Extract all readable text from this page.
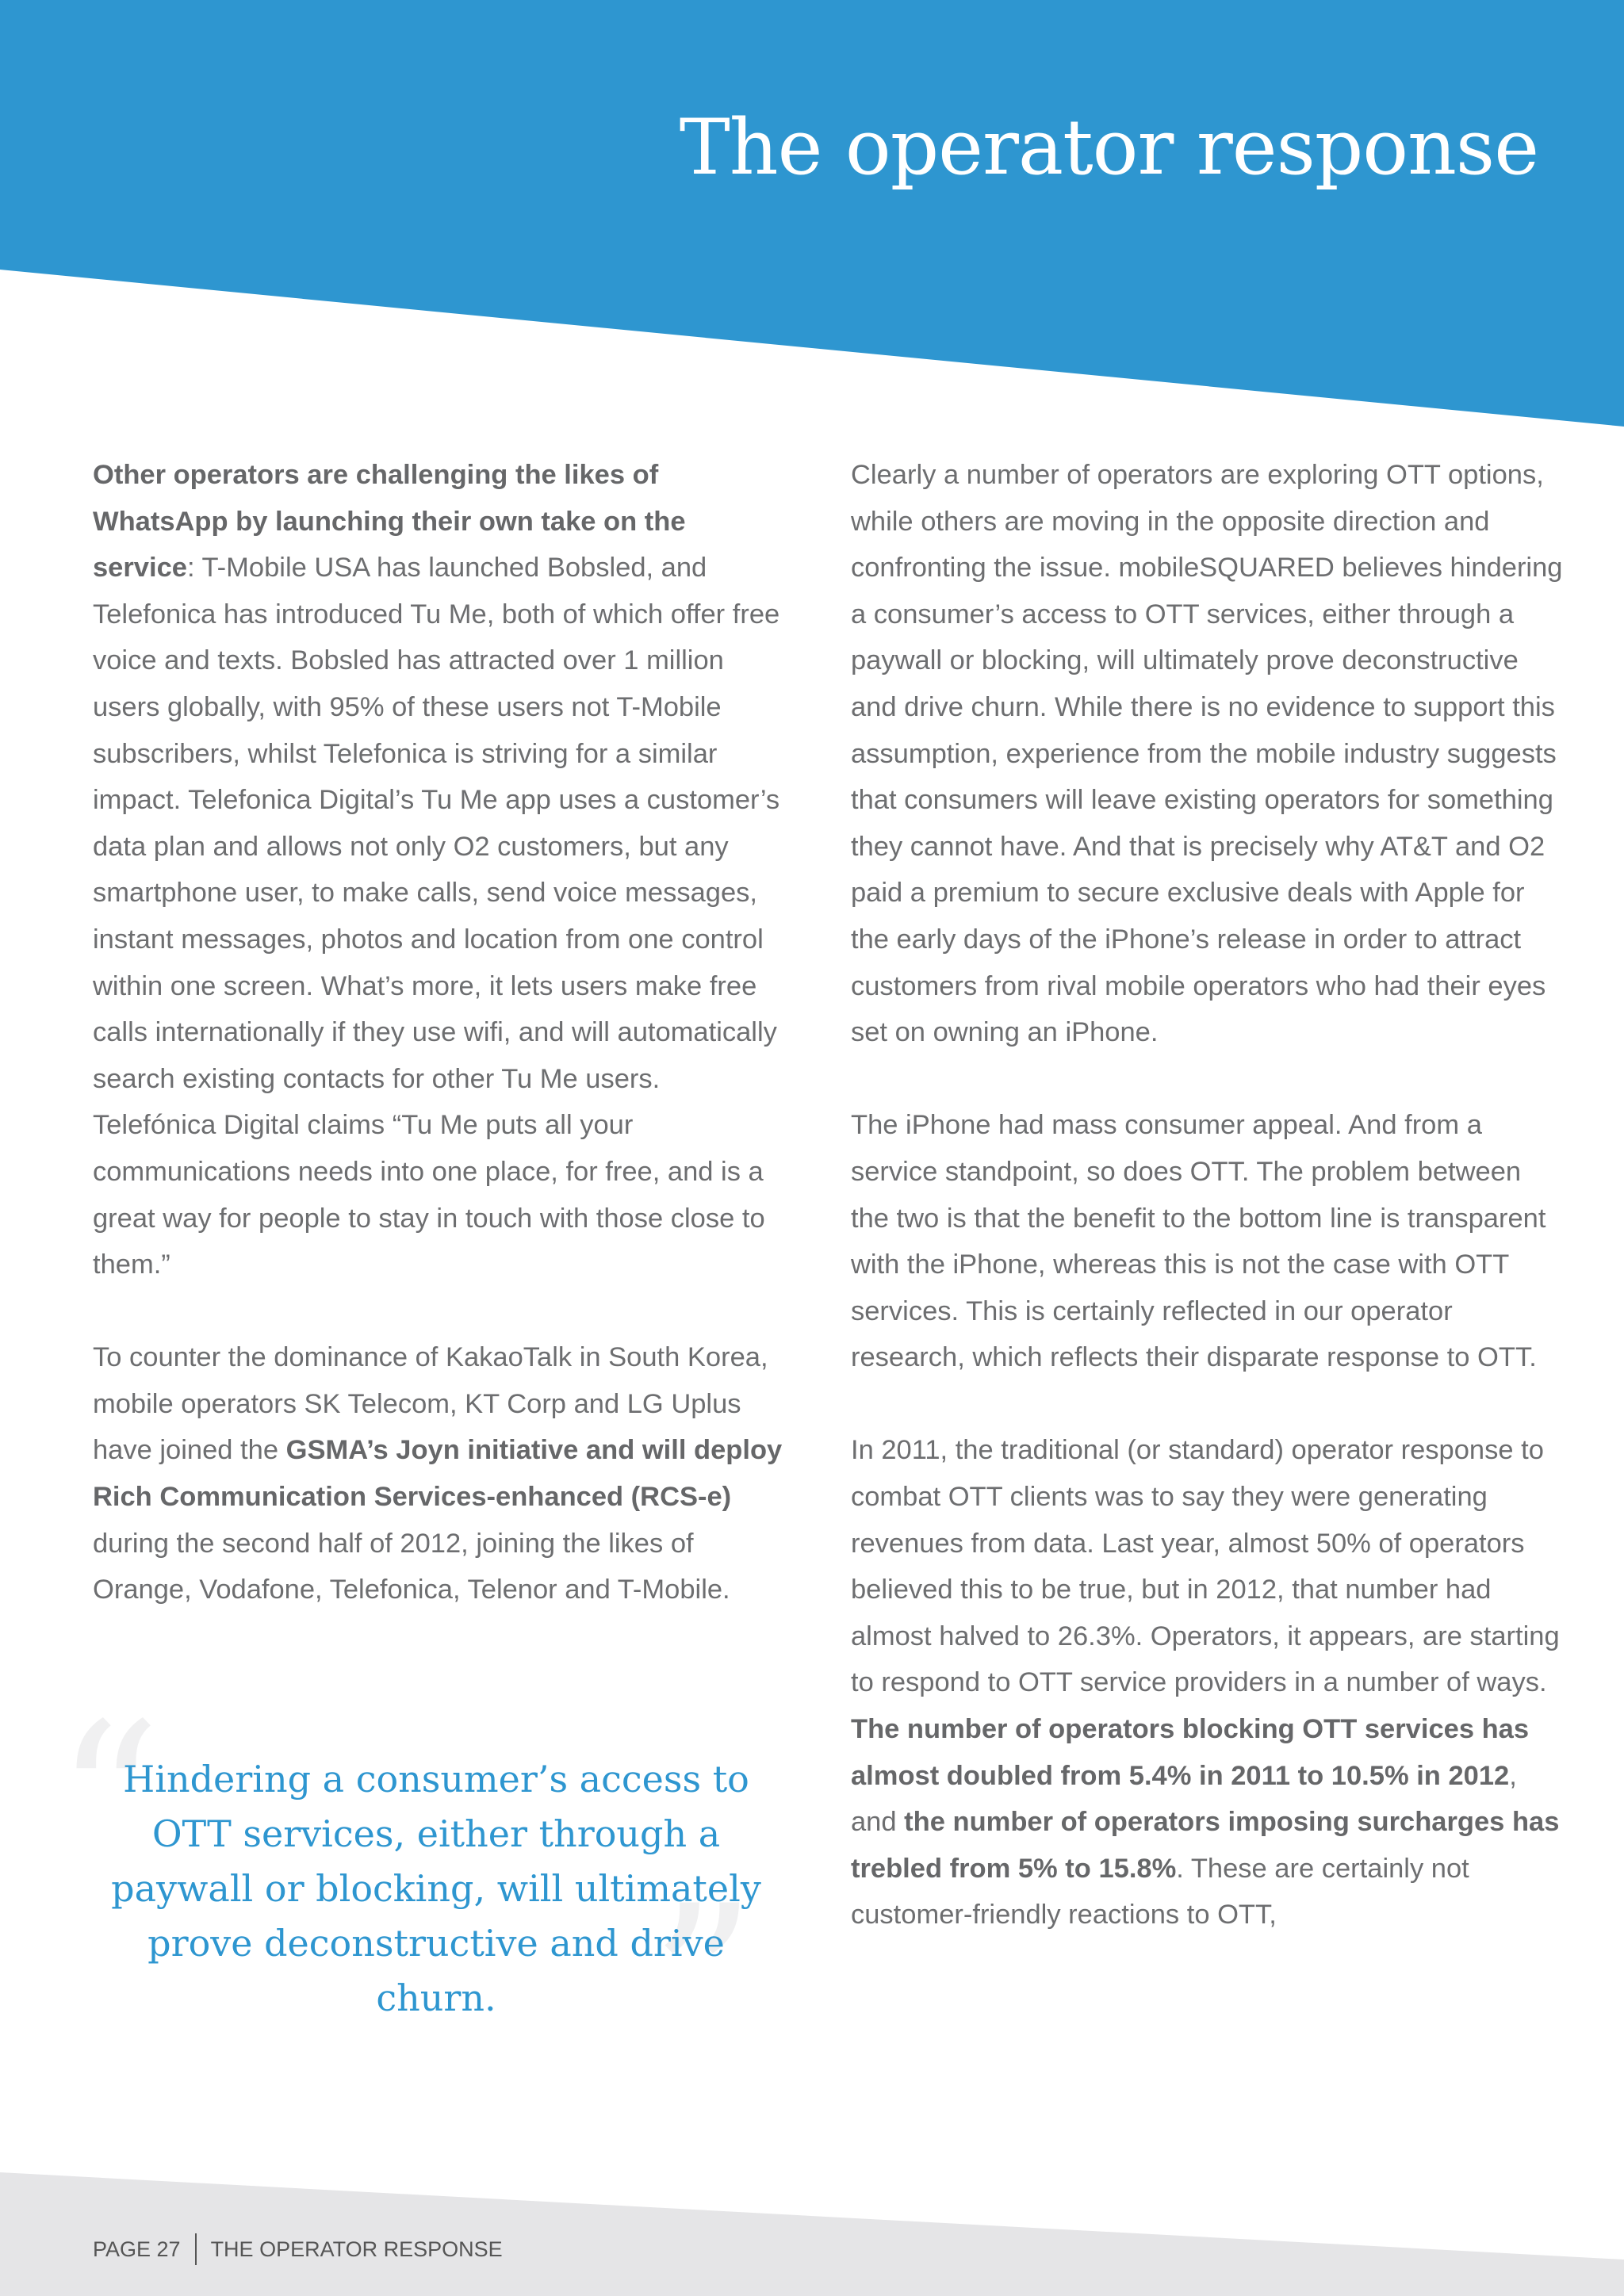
The operator response

Other operators are challenging the likes of WhatsApp by launching their own take on the service: T-Mobile USA has launched Bobsled, and Telefonica has introduced Tu Me, both of which offer free voice and texts. Bobsled has attracted over 1 million users globally, with 95% of these users not T-Mobile subscribers, whilst Telefonica is striving for a similar impact. Telefonica Digital’s Tu Me app uses a customer’s data plan and allows not only O2 customers, but any smartphone user, to make calls, send voice messages, instant messages, photos and location from one control within one screen. What’s more, it lets users make free calls internationally if they use wifi, and will automatically search existing contacts for other Tu Me users. Telefónica Digital claims “Tu Me puts all your communications needs into one place, for free, and is a great way for people to stay in touch with those close to them.”

To counter the dominance of KakaoTalk in South Korea, mobile operators SK Telecom, KT Corp and LG Uplus have joined the GSMA’s Joyn initiative and will deploy Rich Communication Services-enhanced (RCS-e) during the second half of 2012, joining the likes of Orange, Vodafone, Telefonica, Telenor and T-Mobile.

“
”
Hindering a consumer’s access to OTT services, either through a paywall or blocking, will ultimately prove deconstructive and drive churn.

Clearly a number of operators are exploring OTT options, while others are moving in the opposite direction and confronting the issue. mobileSQUARED believes hindering a consumer’s access to OTT services, either through a paywall or blocking, will ultimately prove deconstructive and drive churn. While there is no evidence to support this assumption, experience from the mobile industry suggests that consumers will leave existing operators for something they cannot have. And that is precisely why AT&T and O2 paid a premium to secure exclusive deals with Apple for the early days of the iPhone’s release in order to attract customers from rival mobile operators who had their eyes set on owning an iPhone.

The iPhone had mass consumer appeal. And from a service standpoint, so does OTT. The problem between the two is that the benefit to the bottom line is transparent with the iPhone, whereas this is not the case with OTT services. This is certainly reflected in our operator research, which reflects their disparate response to OTT.

In 2011, the traditional (or standard) operator response to combat OTT clients was to say they were generating revenues from data. Last year, almost 50% of operators believed this to be true, but in 2012, that number had almost halved to 26.3%. Operators, it appears, are starting to respond to OTT service providers in a number of ways. The number of operators blocking OTT services has almost doubled from 5.4% in 2011 to 10.5% in 2012, and the number of operators imposing surcharges has trebled from 5% to 15.8%. These are certainly not customer-friendly reactions to OTT,

PAGE 27 THE OPERATOR RESPONSE
